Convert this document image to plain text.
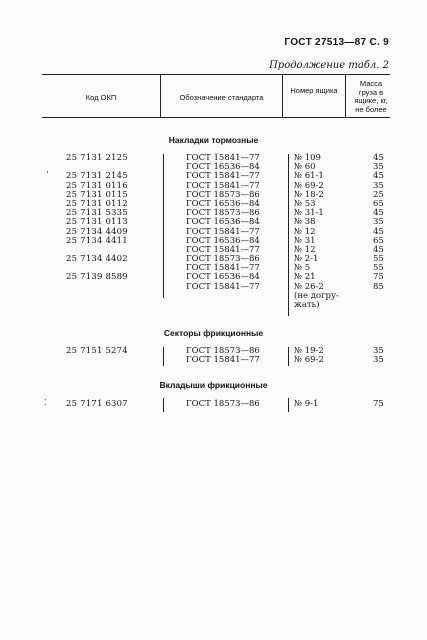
ГОСТ 27513—87 С. 9
Продолжение табл. 2
Код ОКП	Обозначение стандарта
Номер ящика
Масса груза в ящике, кг, не более
Накладки тормозные
ʻ
25 7131 2125	ГОСТ 15841—77	№ 109	45
ГОСТ 16536—84	№ 60	35
25 7131 2145	ГОСТ 15841—77	№ 61-1	45
25 7131 0116	ГОСТ 15841—77	№ 69-2	35
25 7131 0115	ГОСТ 18573—86	№ 18-2	25
25 7131 0112	ГОСТ 16536—84	№ 53	65
25 7131 5335	ГОСТ 18573—86	№ 31-1	45
25 7131 0113	ГОСТ 16536—84	№ 38	35
25 7134 4409	ГОСТ 15841—77	№ 12	45
25 7134 4411	ГОСТ 16536—84	№ 31	65
ГОСТ 15841—77	№ 12	45
25 7134 4402	ГОСТ 18573—86	№ 2-1	55
ГОСТ 15841—77	№ 5	55
25 7139 8589	ГОСТ 16536—84	№ 21	75
ГОСТ 15841—77	№ 26-2	85
(не догру-
жать)
Секторы фрикционные
25 7151 5274	ГОСТ 18573—86	№ 19-2	35
ГОСТ 15841—77	№ 69-2	35
Вкладыши фрикционные
⁚ 25 7171 6307	ГОСТ 18573—86	№ 9-1	75
